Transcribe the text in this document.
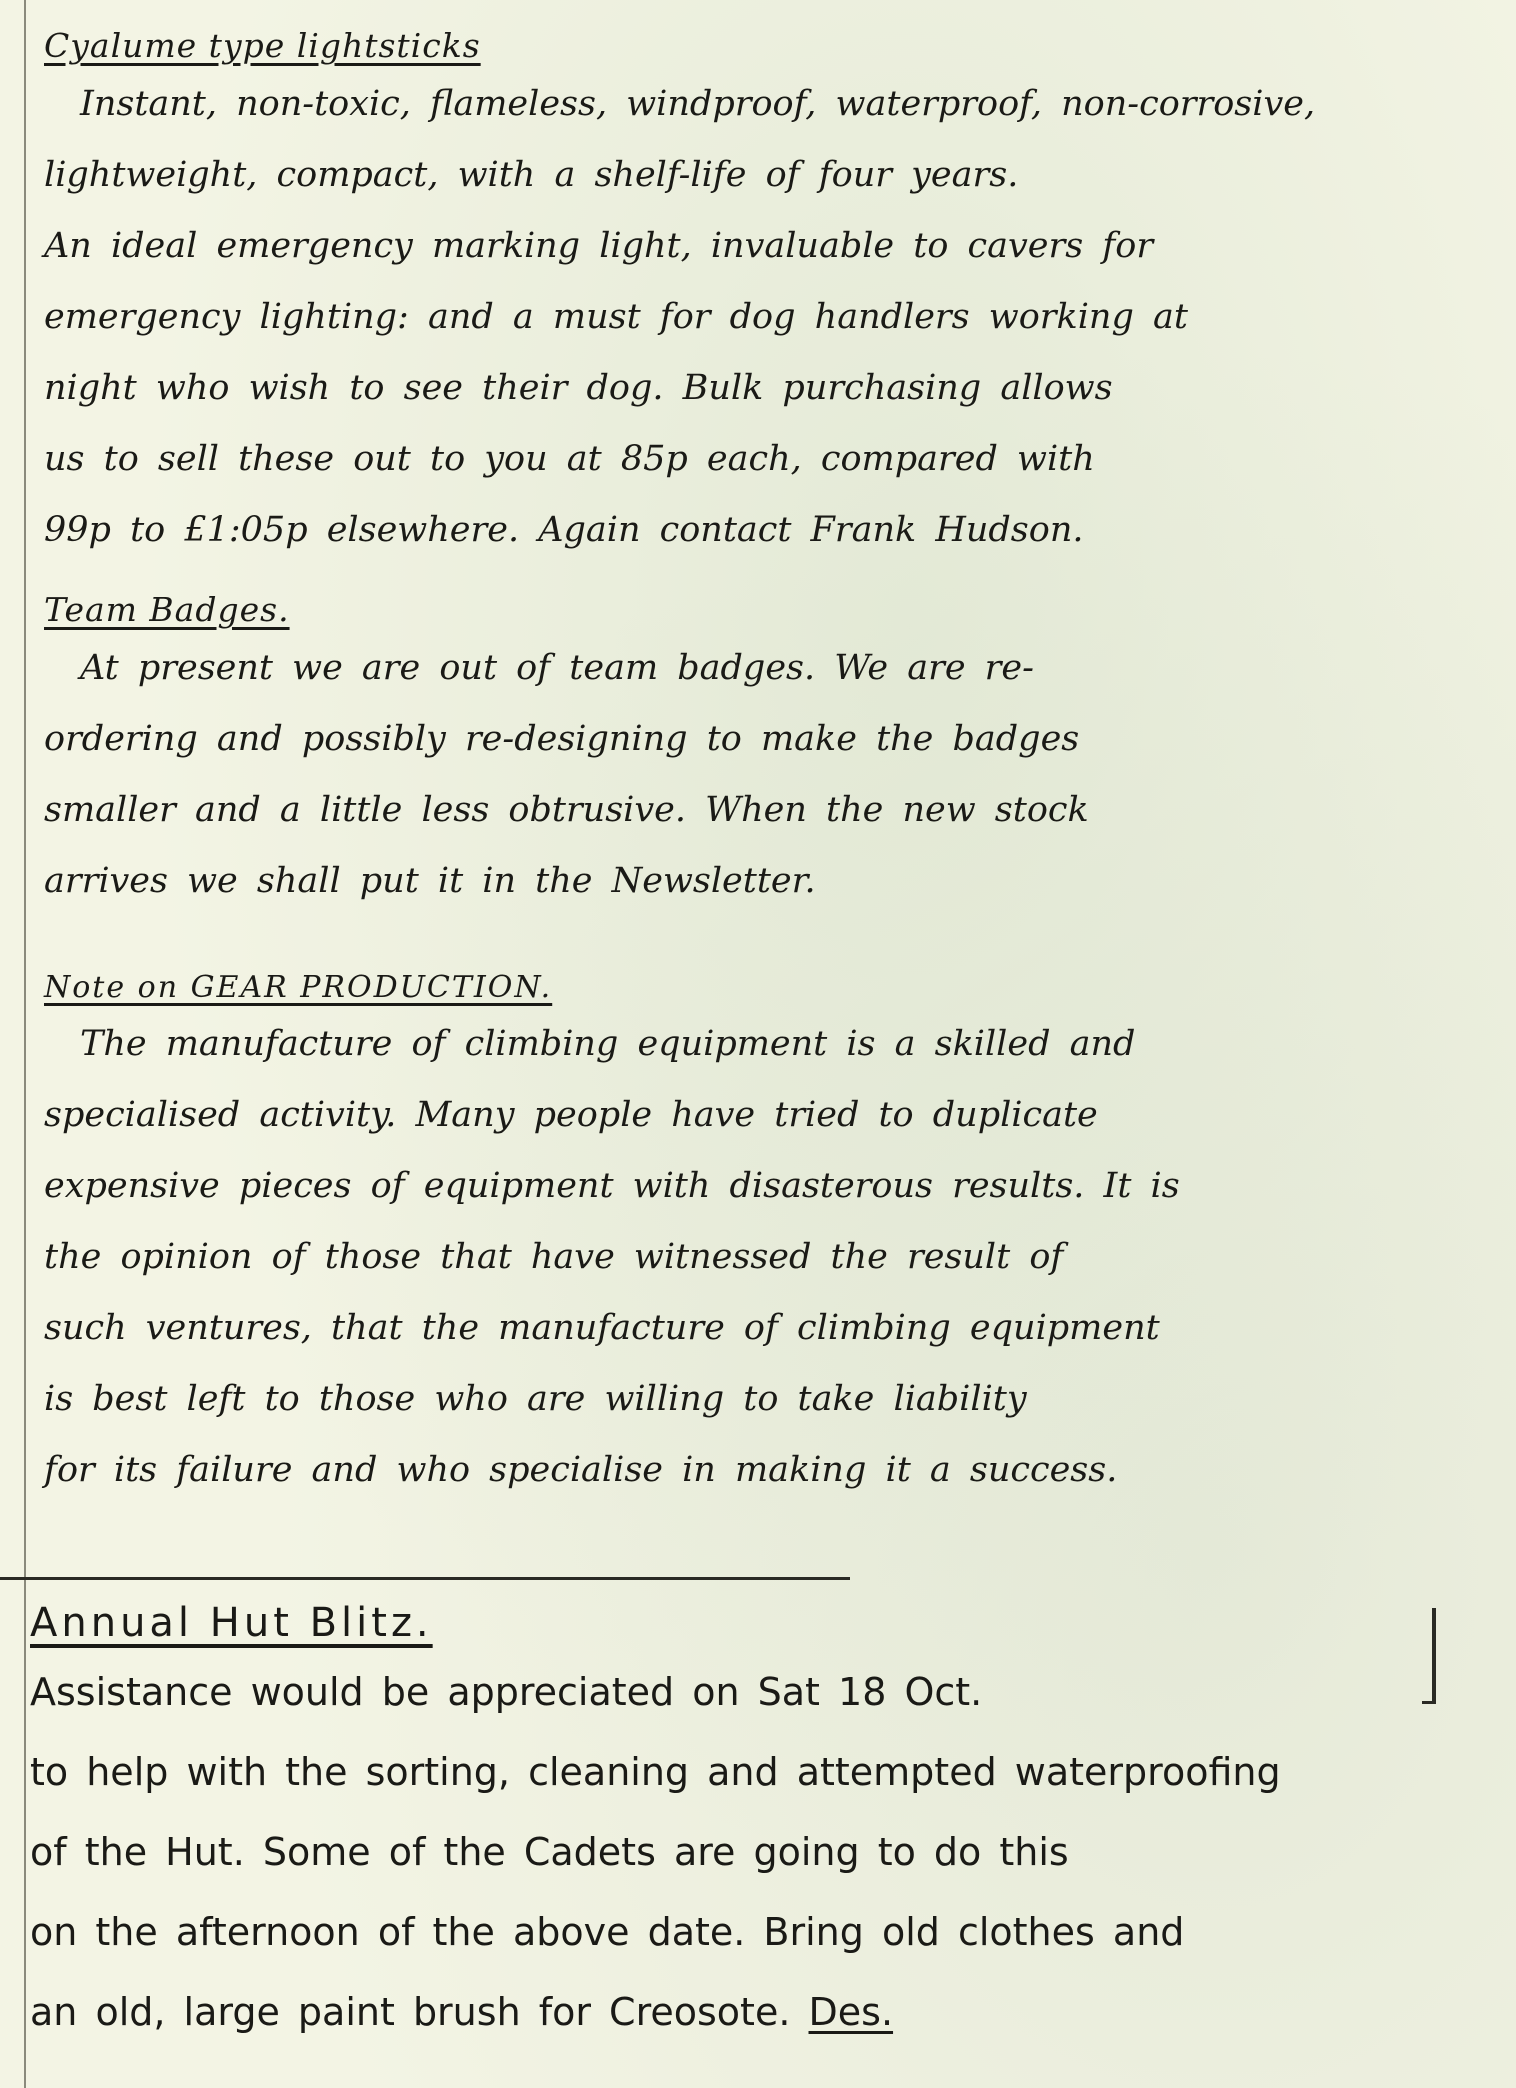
Cyalume type lightsticks

Instant, non-toxic, flameless, windproof, waterproof, non-corrosive,
lightweight, compact, with a shelf-life of four years.
An ideal emergency marking light, invaluable to cavers for
emergency lighting: and a must for dog handlers working at
night who wish to see their dog. Bulk purchasing allows
us to sell these out to you at 85p each, compared with
99p to £1:05p elsewhere. Again contact Frank Hudson.

Team Badges.

At present we are out of team badges. We are re-
ordering and possibly re-designing to make the badges
smaller and a little less obtrusive. When the new stock
arrives we shall put it in the Newsletter.

Note on GEAR PRODUCTION.

The manufacture of climbing equipment is a skilled and
specialised activity. Many people have tried to duplicate
expensive pieces of equipment with disasterous results. It is
the opinion of those that have witnessed the result of
such ventures, that the manufacture of climbing equipment
is best left to those who are willing to take liability
for its failure and who specialise in making it a success.

Annual Hut Blitz.

Assistance would be appreciated on Sat 18 Oct.
to help with the sorting, cleaning and attempted waterproofing
of the Hut. Some of the Cadets are going to do this
on the afternoon of the above date. Bring old clothes and
an old, large paint brush for Creosote. Des.
